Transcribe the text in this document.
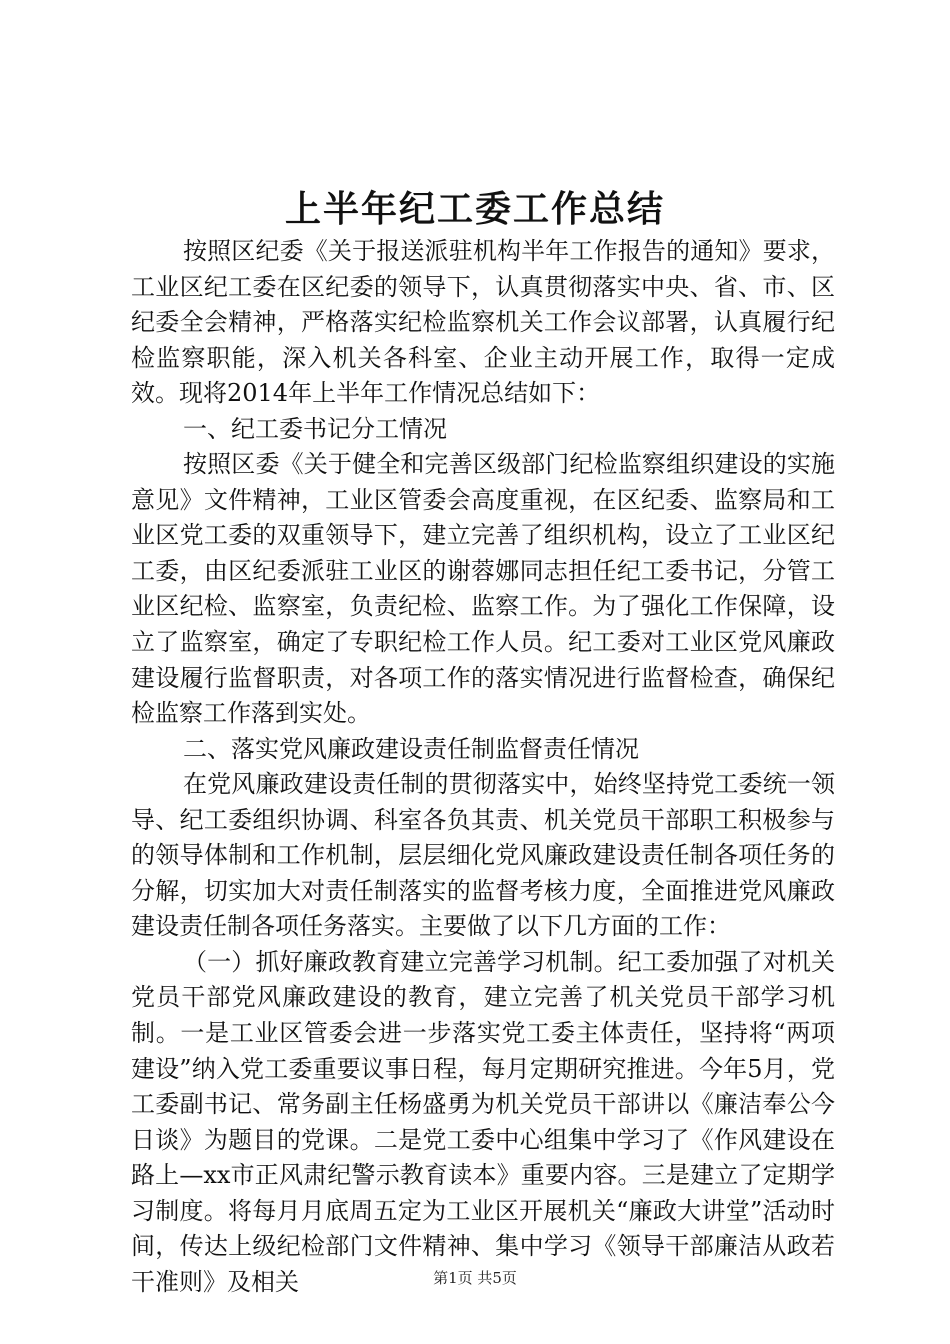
上半年纪工委工作总结

按照区纪委《关于报送派驻机构半年工作报告的通知》要求，工业区纪工委在区纪委的领导下，认真贯彻落实中央、省、市、区纪委全会精神，严格落实纪检监察机关工作会议部署，认真履行纪检监察职能，深入机关各科室、企业主动开展工作，取得一定成效。现将2014年上半年工作情况总结如下：

一、纪工委书记分工情况

按照区委《关于健全和完善区级部门纪检监察组织建设的实施意见》文件精神，工业区管委会高度重视，在区纪委、监察局和工业区党工委的双重领导下，建立完善了组织机构，设立了工业区纪工委，由区纪委派驻工业区的谢蓉娜同志担任纪工委书记，分管工业区纪检、监察室，负责纪检、监察工作。为了强化工作保障，设立了监察室，确定了专职纪检工作人员。纪工委对工业区党风廉政建设履行监督职责，对各项工作的落实情况进行监督检查，确保纪检监察工作落到实处。

二、落实党风廉政建设责任制监督责任情况

在党风廉政建设责任制的贯彻落实中，始终坚持党工委统一领导、纪工委组织协调、科室各负其责、机关党员干部职工积极参与的领导体制和工作机制，层层细化党风廉政建设责任制各项任务的分解，切实加大对责任制落实的监督考核力度，全面推进党风廉政建设责任制各项任务落实。主要做了以下几方面的工作：

（一）抓好廉政教育建立完善学习机制。纪工委加强了对机关党员干部党风廉政建设的教育，建立完善了机关党员干部学习机制。一是工业区管委会进一步落实党工委主体责任，坚持将“两项建设”纳入党工委重要议事日程，每月定期研究推进。今年5月，党工委副书记、常务副主任杨盛勇为机关党员干部讲以《廉洁奉公今日谈》为题目的党课。二是党工委中心组集中学习了《作风建设在路上—xx市正风肃纪警示教育读本》重要内容。三是建立了定期学习制度。将每月月底周五定为工业区开展机关“廉政大讲堂”活动时间，传达上级纪检部门文件精神、集中学习《领导干部廉洁从政若干准则》及相关	第1页 共5页
